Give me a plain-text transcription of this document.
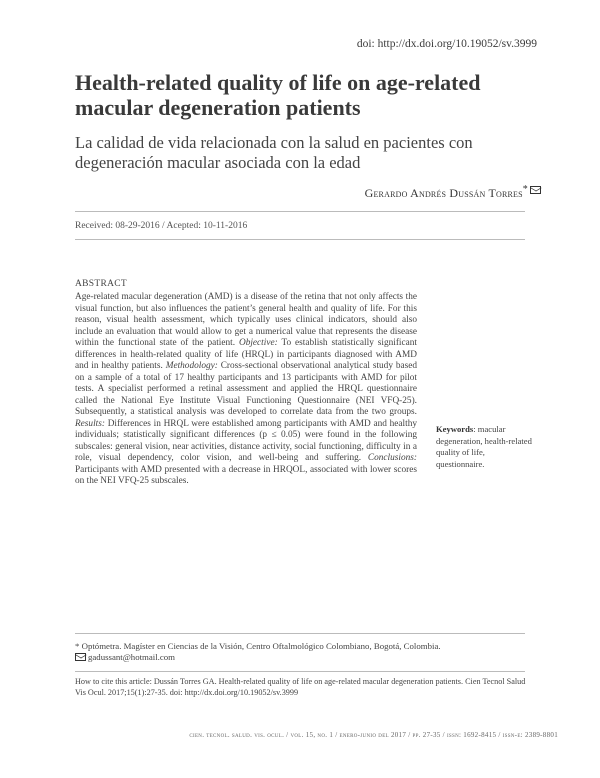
doi: http://dx.doi.org/10.19052/sv.3999
Health-related quality of life on age-related macular degeneration patients
La calidad de vida relacionada con la salud en pacientes con degeneración macular asociada con la edad
Gerardo Andrés Dussán Torres*
Received: 08-29-2016 / Acepted: 10-11-2016
ABSTRACT
Age-related macular degeneration (AMD) is a disease of the retina that not only affects the visual function, but also influences the patient’s general health and quality of life. For this reason, visual health assessment, which typically uses clinical indicators, should also include an evaluation that would allow to get a numerical value that represents the disease within the functional state of the patient. Objective: To establish statistically significant differences in health-related quality of life (HRQL) in participants diagnosed with AMD and in healthy patients. Methodology: Cross-sectional observational analytical study based on a sample of a total of 17 healthy participants and 13 participants with AMD for pilot tests. A specialist performed a retinal assessment and applied the HRQL questionnaire called the National Eye Institute Visual Functioning Questionnaire (NEI VFQ-25). Subsequently, a statistical analysis was developed to correlate data from the two groups. Results: Differences in HRQL were established among participants with AMD and healthy individuals; statistically significant differences (p ≤ 0.05) were found in the following subscales: general vision, near activities, distance activity, social functioning, difficulty in a role, visual dependency, color vision, and well-being and suffering. Conclusions: Participants with AMD presented with a decrease in HRQOL, associated with lower scores on the NEI VFQ-25 subscales.
Keywords: macular degeneration, health-related quality of life, questionnaire.
* Optómetra. Magíster en Ciencias de la Visión, Centro Oftalmológico Colombiano, Bogotá, Colombia.
gadussant@hotmail.com
How to cite this article: Dussán Torres GA. Health-related quality of life on age-related macular degeneration patients. Cien Tecnol Salud Vis Ocul. 2017;15(1):27-35. doi: http://dx.doi.org/10.19052/sv.3999
cien. tecnol. salud. vis. ocul. / vol. 15, no. 1 / enero-junio del 2017 / pp. 27-35 / issn: 1692-8415 / issn-e: 2389-8801
